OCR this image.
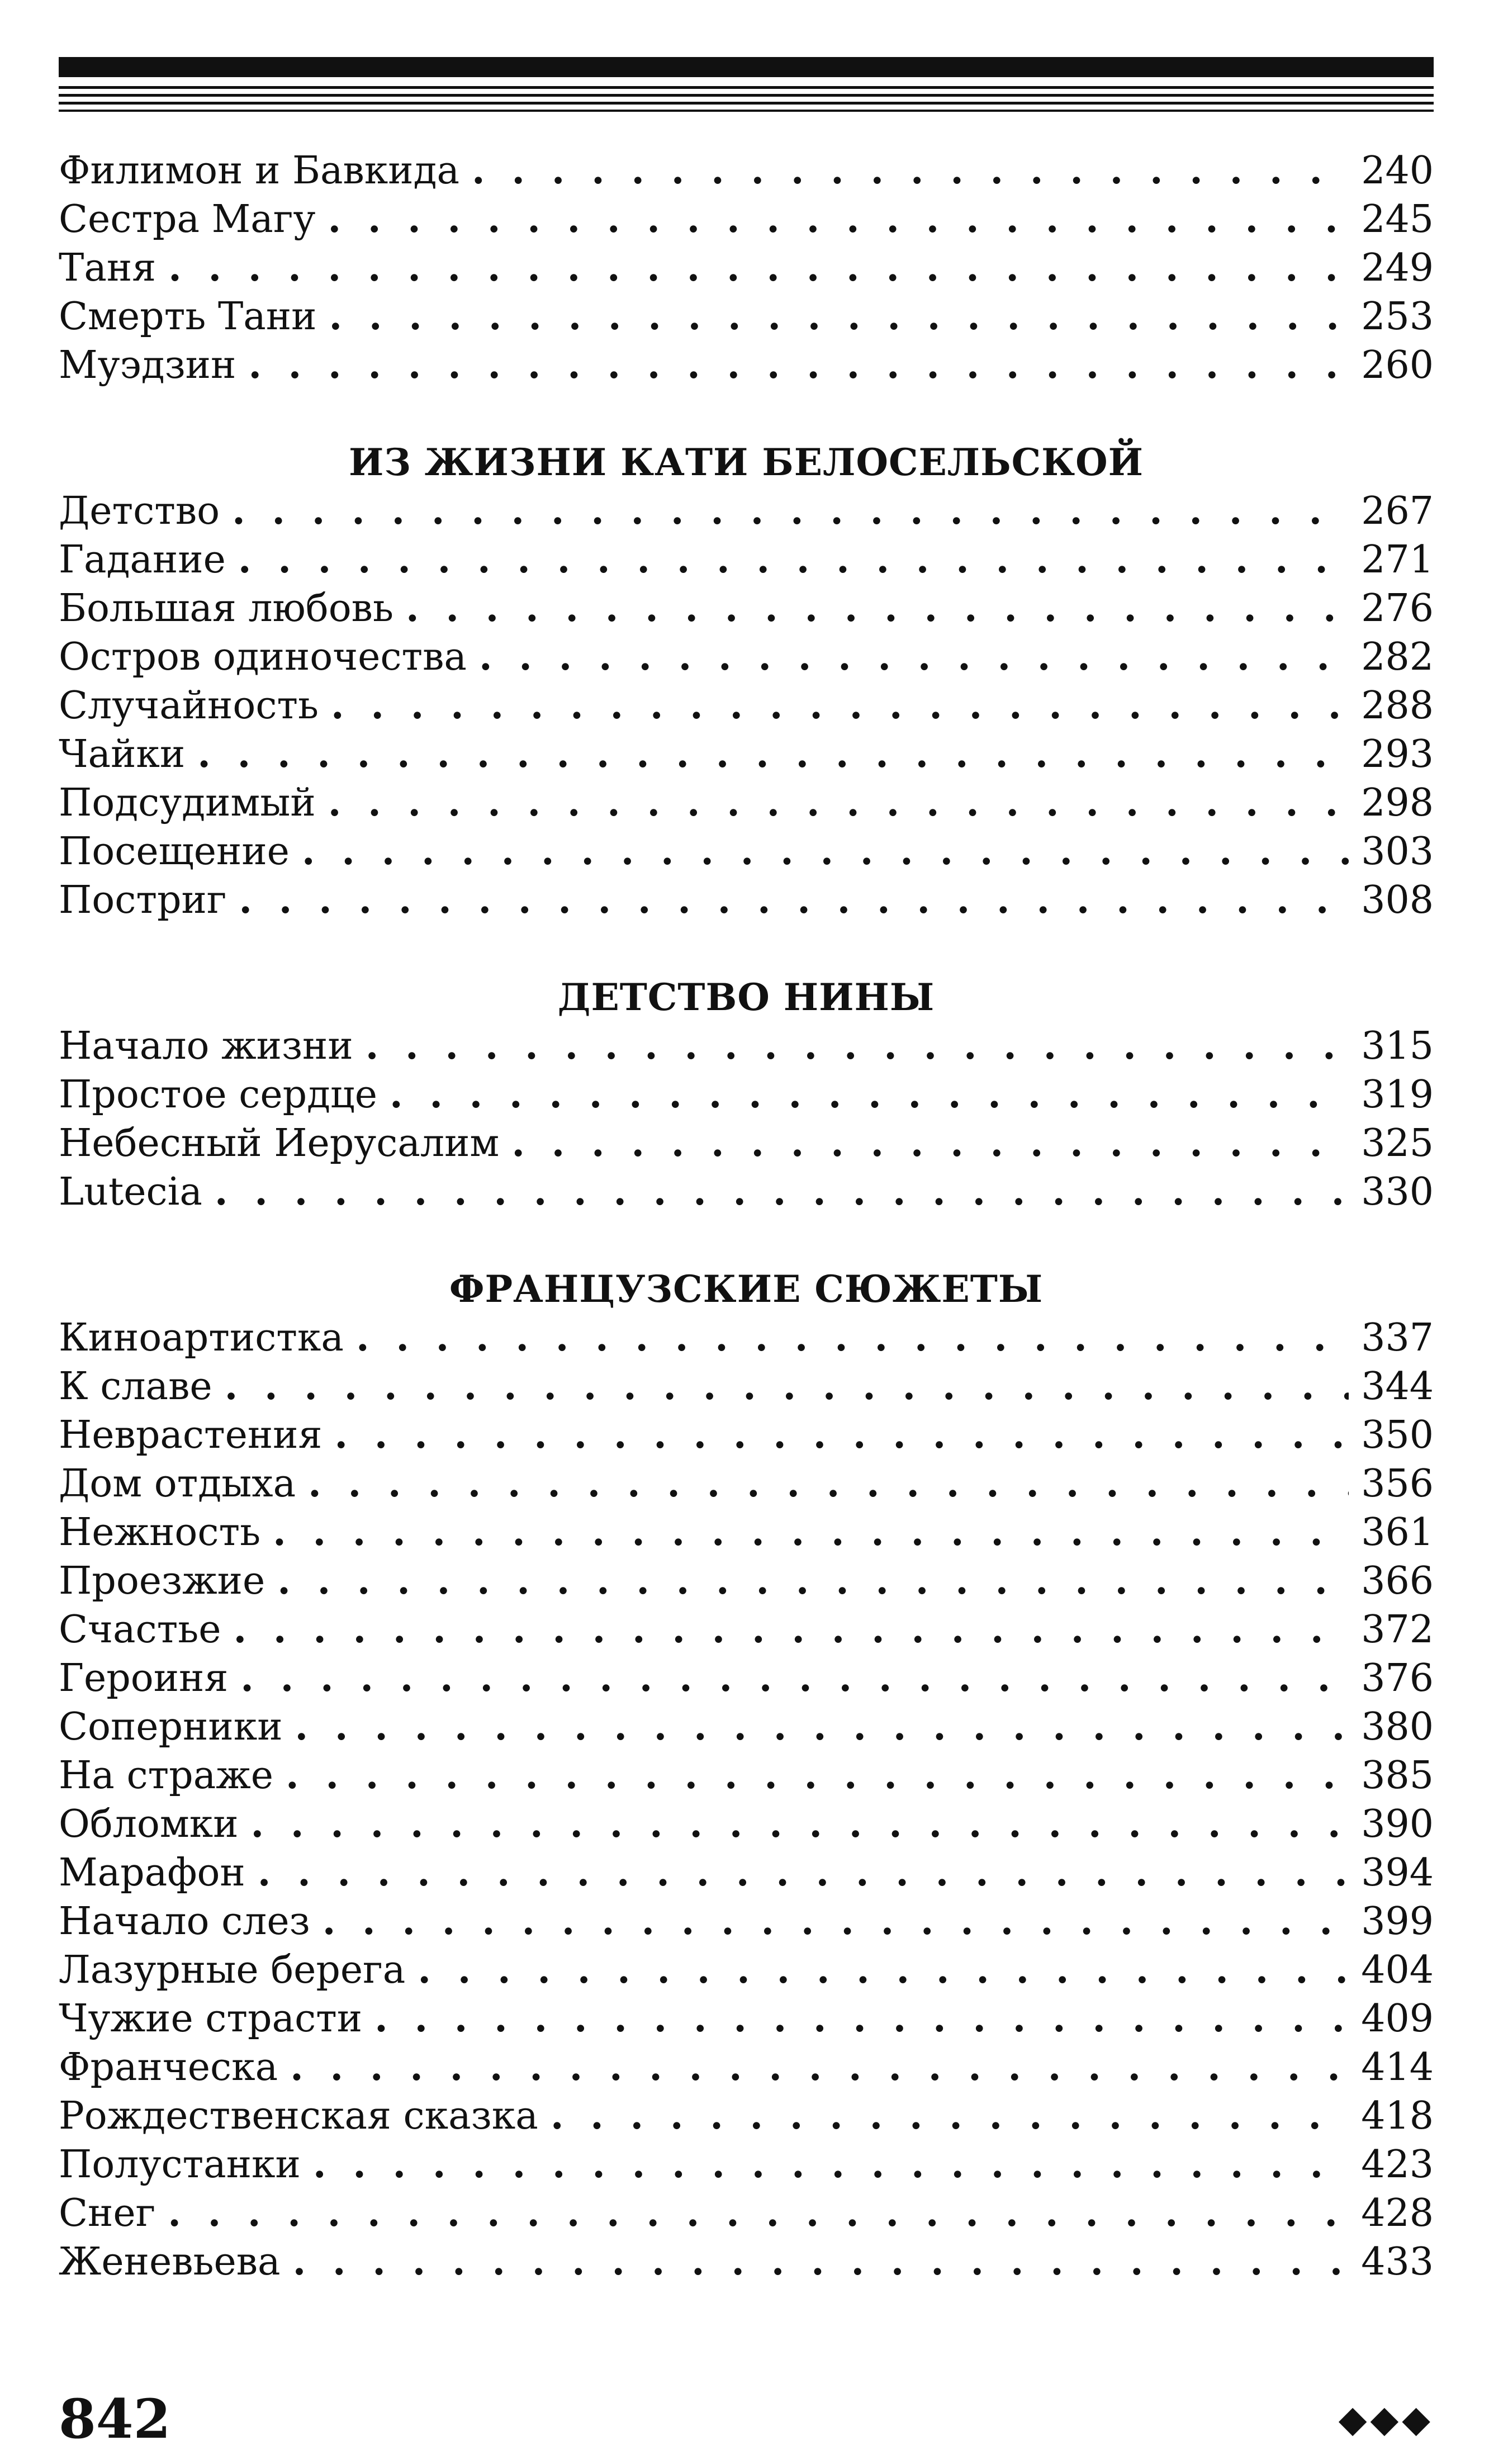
Филимон и Бавкида . . .	240
Сестра Магу . . .	245
Таня . . .	249
Смерть Тани . . .	253
Муэдзин . . .	260
ИЗ ЖИЗНИ КАТИ БЕЛОСЕЛЬСКОЙ
Детство . . .	267
Гадание . . .	271
Большая любовь . . .	276
Остров одиночества . . .	282
Случайность . . .	288
Чайки . . .	293
Подсудимый . . .	298
Посещение . . .	303
Постриг . . .	308
ДЕТСТВО НИНЫ
Начало жизни . . .	315
Простое сердце . . .	319
Небесный Иерусалим . . .	325
Lutecia . . .	330
ФРАНЦУЗСКИЕ СЮЖЕТЫ
Киноартистка . . .	337
К славе . . .	344
Неврастения . . .	350
Дом отдыха . . .	356
Нежность . . .	361
Проезжие . . .	366
Счастье . . .	372
Героиня . . .	376
Соперники . . .	380
На страже . . .	385
Обломки . . .	390
Марафон . . .	394
Начало слез . . .	399
Лазурные берега . . .	404
Чужие страсти . . .	409
Франческа . . .	414
Рождественская сказка . . .	418
Полустанки . . .	423
Снег . . .	428
Женевьева . . .	433
842	◆◆◆
